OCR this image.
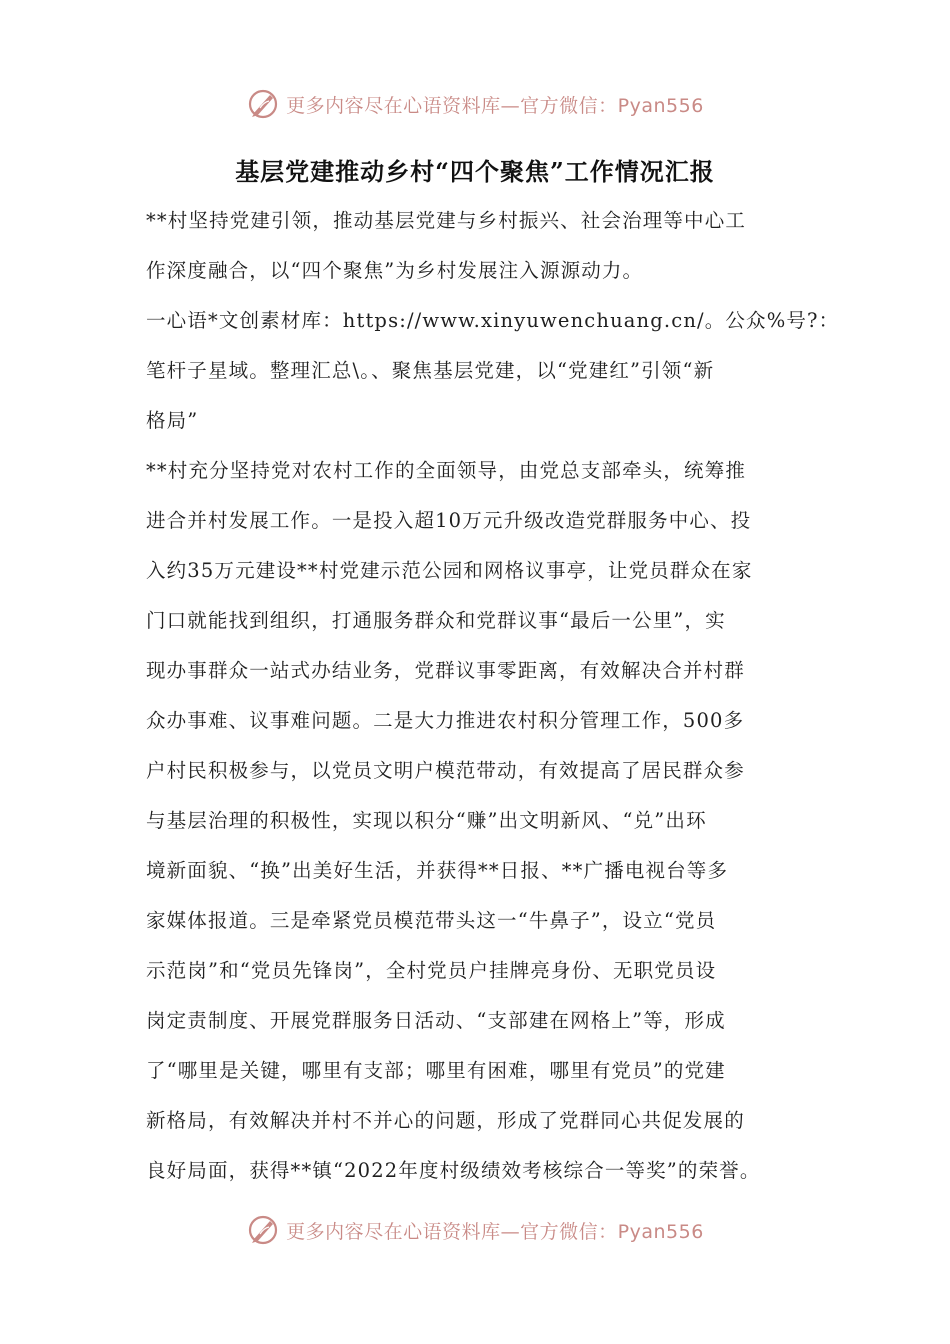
更多内容尽在心语资料库—官方微信：Pyan556
基层党建推动乡村“四个聚焦”工作情况汇报
**村坚持党建引领，推动基层党建与乡村振兴、社会治理等中心工
作深度融合，以“四个聚焦”为乡村发展注入源源动力。
一心语*文创素材库：https://www.xinyuwenchuang.cn/。公众%号?：
笔杆子星域。整理汇总\。、聚焦基层党建，以“党建红”引领“新
格局”
**村充分坚持党对农村工作的全面领导，由党总支部牵头，统筹推
进合并村发展工作。一是投入超10万元升级改造党群服务中心、投
入约35万元建设**村党建示范公园和网格议事亭，让党员群众在家
门口就能找到组织，打通服务群众和党群议事“最后一公里”，实
现办事群众一站式办结业务，党群议事零距离，有效解决合并村群
众办事难、议事难问题。二是大力推进农村积分管理工作，500多
户村民积极参与，以党员文明户模范带动，有效提高了居民群众参
与基层治理的积极性，实现以积分“赚”出文明新风、“兑”出环
境新面貌、“换”出美好生活，并获得**日报、**广播电视台等多
家媒体报道。三是牵紧党员模范带头这一“牛鼻子”，设立“党员
示范岗”和“党员先锋岗”，全村党员户挂牌亮身份、无职党员设
岗定责制度、开展党群服务日活动、“支部建在网格上”等，形成
了“哪里是关键，哪里有支部；哪里有困难，哪里有党员”的党建
新格局，有效解决并村不并心的问题，形成了党群同心共促发展的
良好局面，获得**镇“2022年度村级绩效考核综合一等奖”的荣誉。
更多内容尽在心语资料库—官方微信：Pyan556
